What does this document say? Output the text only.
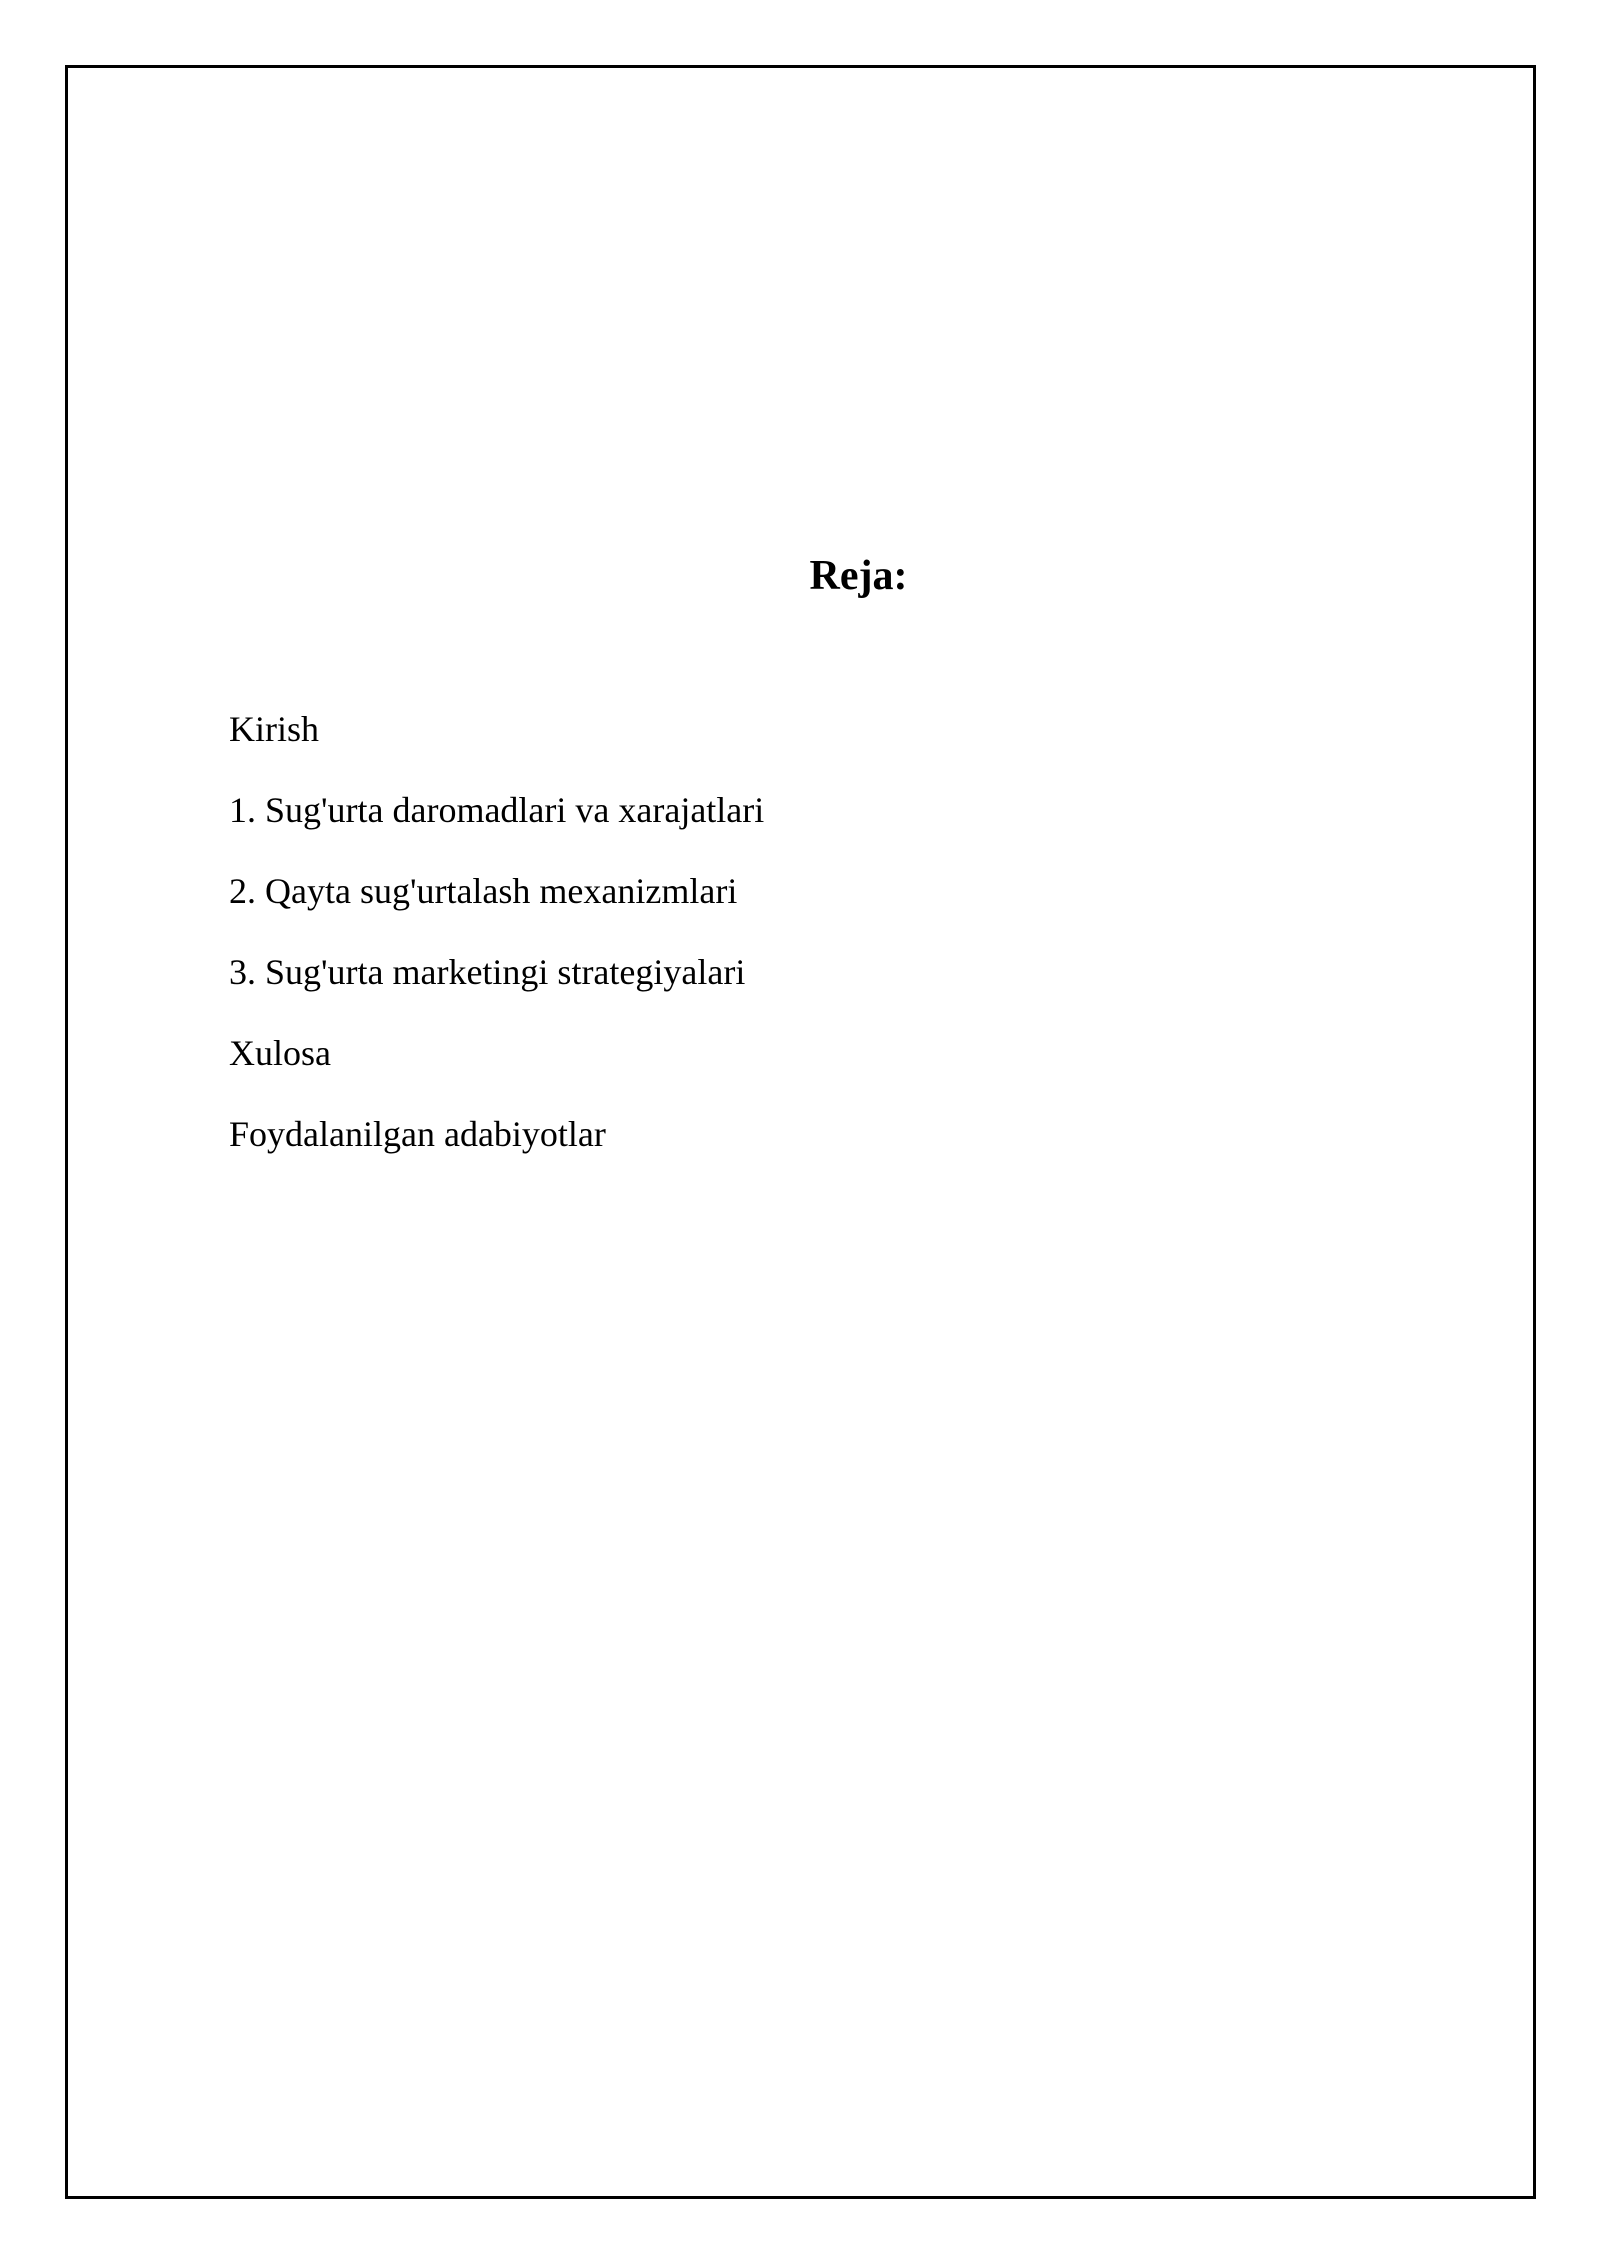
Reja:
Kirish
1. Sug'urta daromadlari va xarajatlari
2. Qayta sug'urtalash mexanizmlari
3. Sug'urta marketingi strategiyalari
Xulosa
Foydalanilgan adabiyotlar
